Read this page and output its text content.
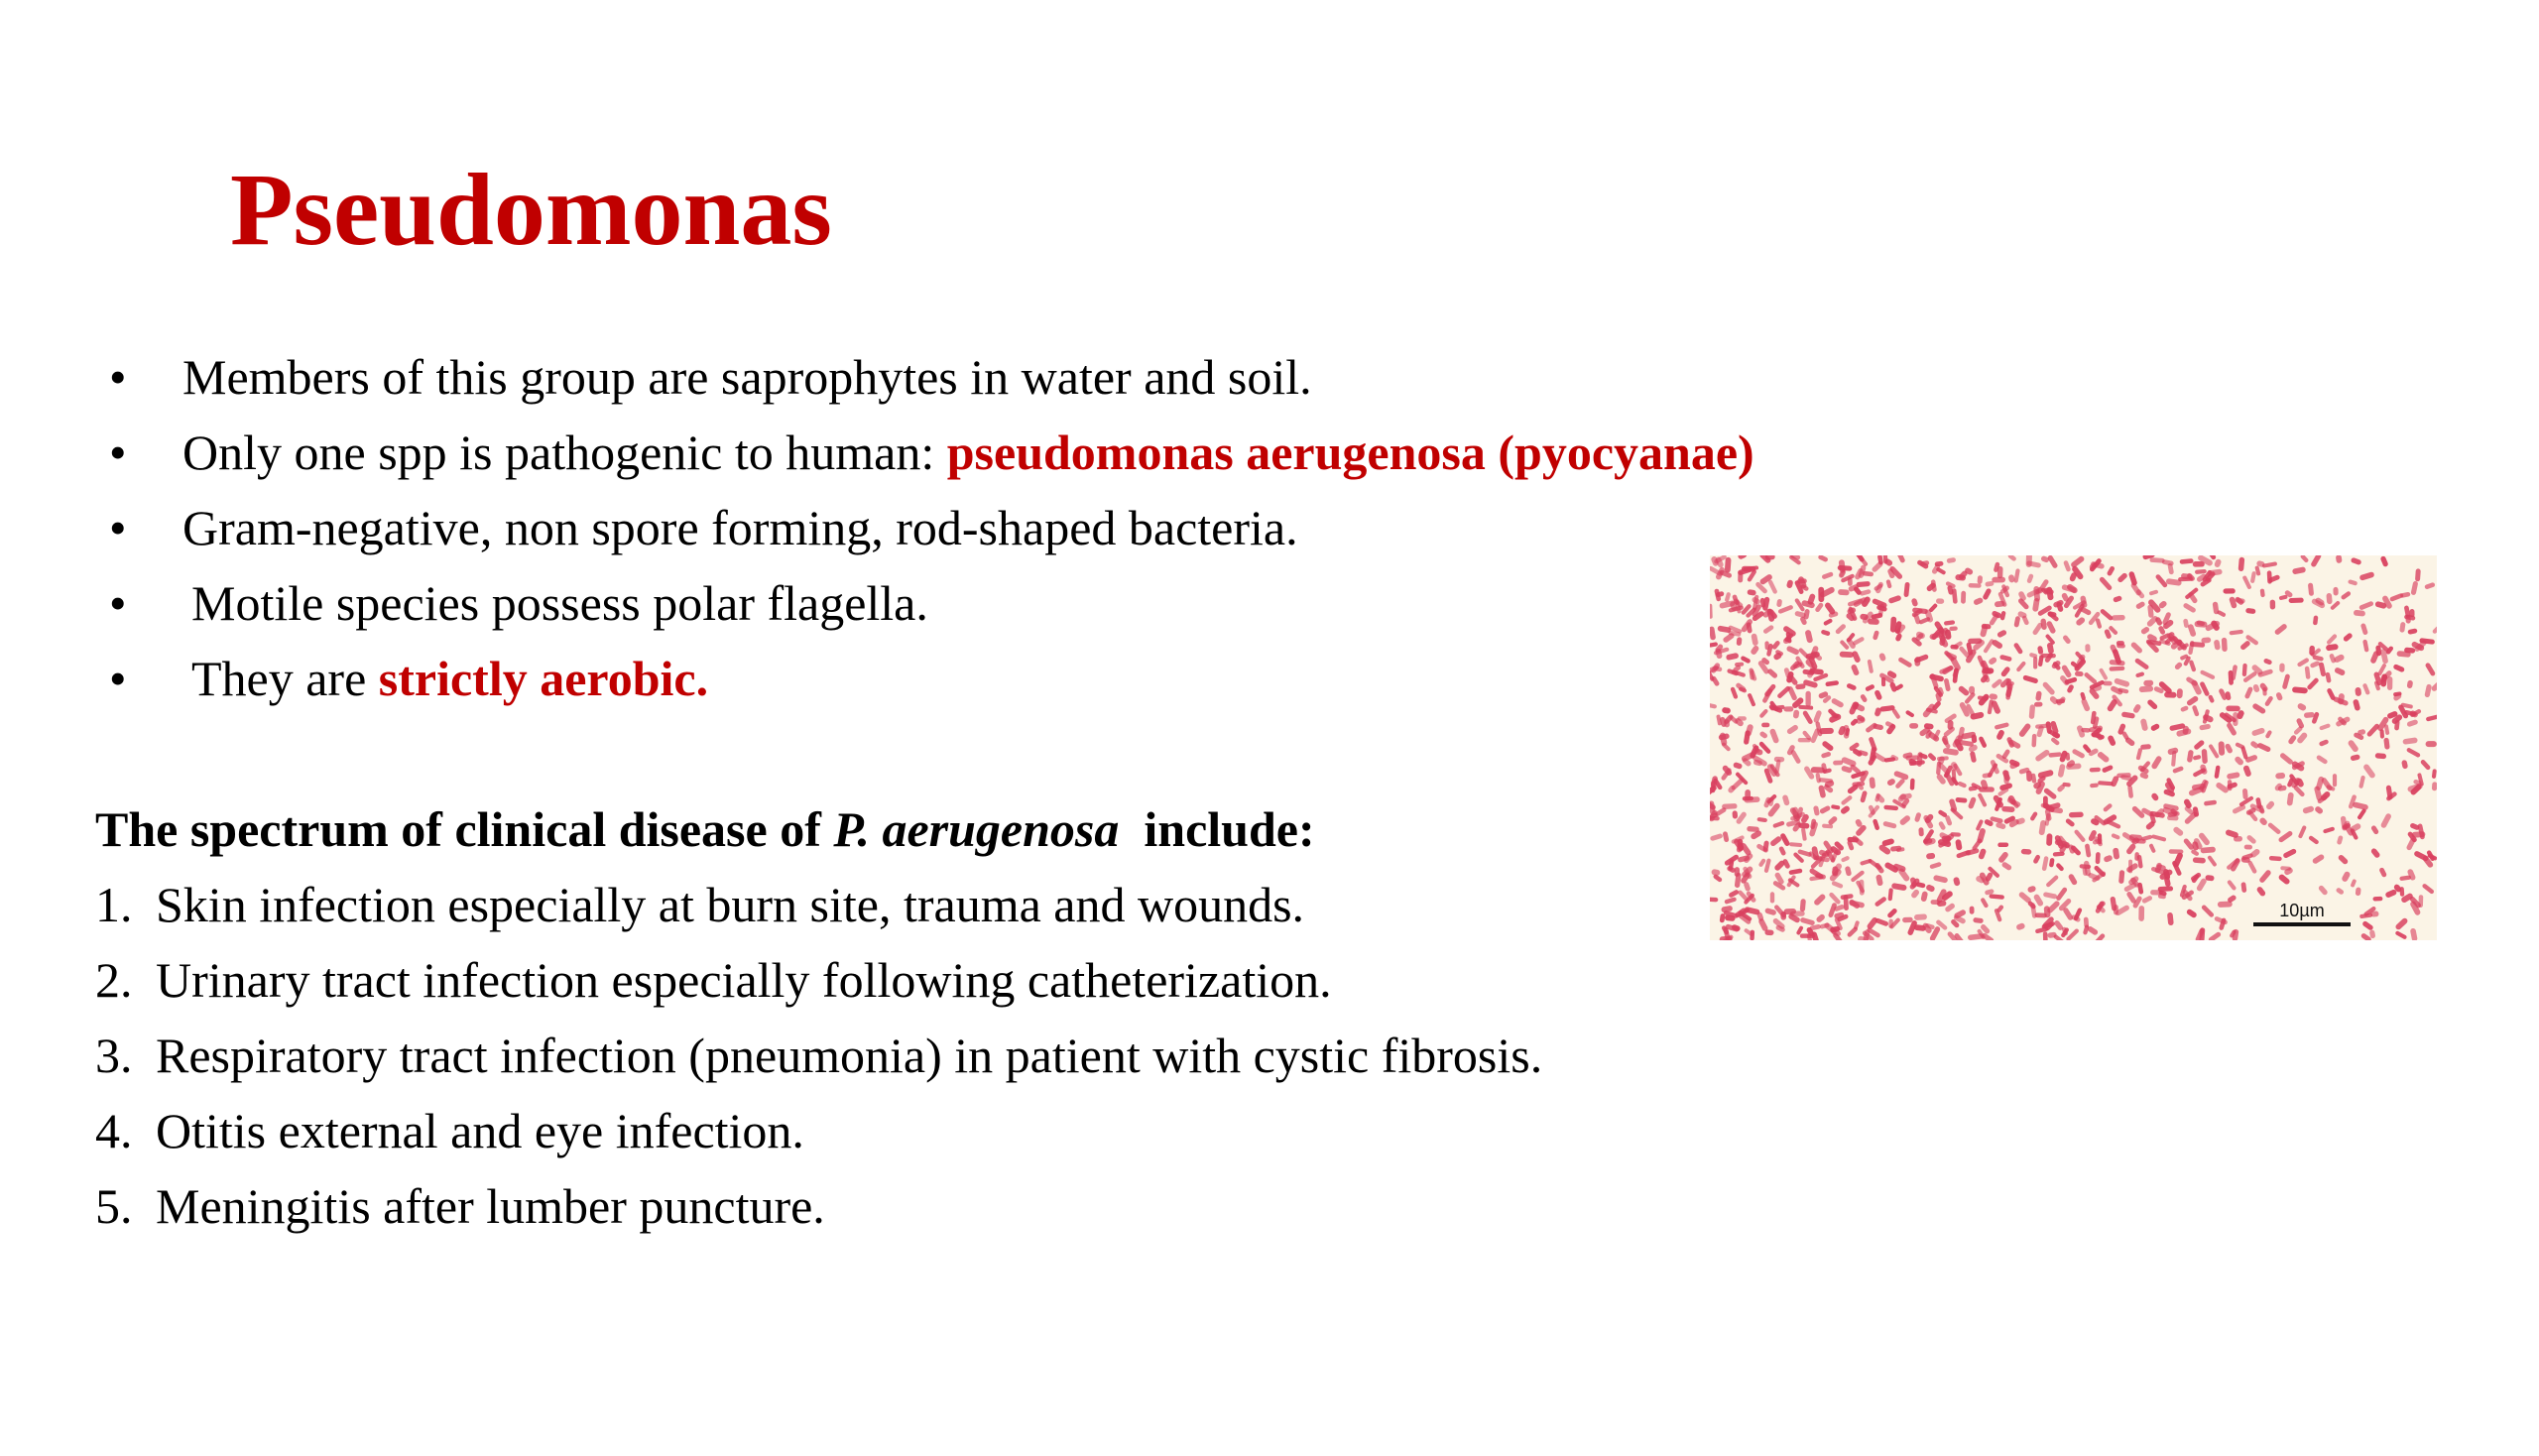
Pseudomonas
• Members of this group are saprophytes in water and soil.
• Only one spp is pathogenic to human: pseudomonas aerugenosa (pyocyanae)
• Gram-negative, non spore forming, rod-shaped bacteria.
• Motile species possess polar flagella.
• They are strictly aerobic.

The spectrum of clinical disease of P. aerugenosa  include:

1. Skin infection especially at burn site, trauma and wounds.
2. Urinary tract infection especially following catheterization.
3. Respiratory tract infection (pneumonia) in patient with cystic fibrosis.
4. Otitis external and eye infection.
5. Meningitis after lumber puncture.
10µm
